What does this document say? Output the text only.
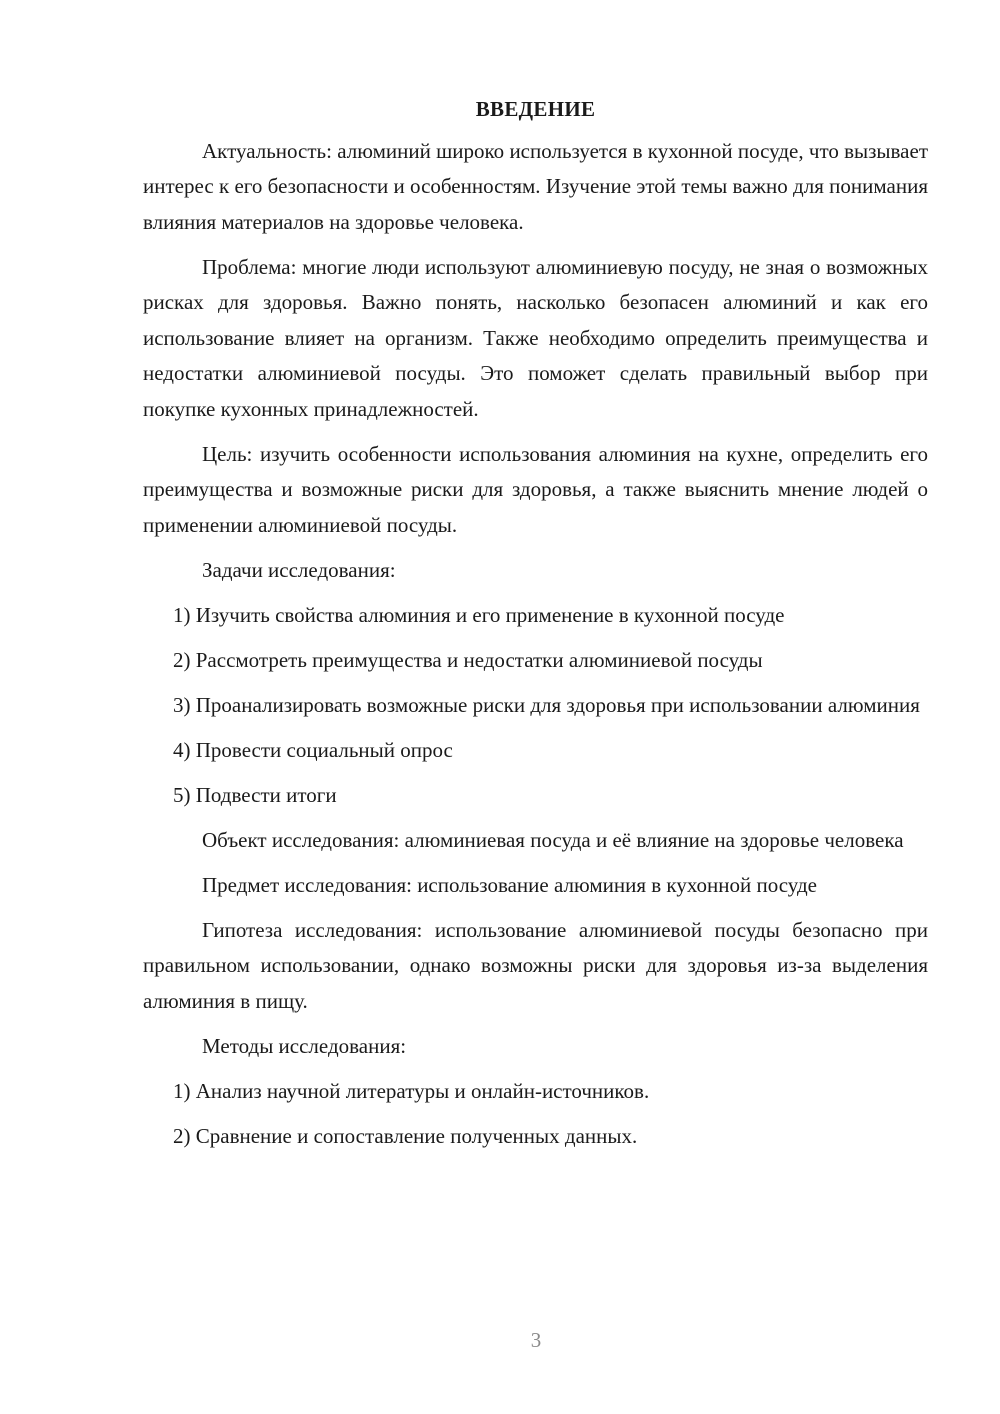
ВВЕДЕНИЕ

Актуальность: алюминий широко используется в кухонной посуде, что вызывает интерес к его безопасности и особенностям. Изучение этой темы важно для понимания влияния материалов на здоровье человека.

Проблема: многие люди используют алюминиевую посуду, не зная о возможных рисках для здоровья. Важно понять, насколько безопасен алюминий и как его использование влияет на организм. Также необходимо определить преимущества и недостатки алюминиевой посуды. Это поможет сделать правильный выбор при покупке кухонных принадлежностей.

Цель: изучить особенности использования алюминия на кухне, определить его преимущества и возможные риски для здоровья, а также выяснить мнение людей о применении алюминиевой посуды.

Задачи исследования:

1) Изучить свойства алюминия и его применение в кухонной посуде

2) Рассмотреть преимущества и недостатки алюминиевой посуды

3) Проанализировать возможные риски для здоровья при использовании алюминия

4) Провести социальный опрос

5) Подвести итоги

Объект исследования: алюминиевая посуда и её влияние на здоровье человека

Предмет исследования: использование алюминия в кухонной посуде

Гипотеза исследования: использование алюминиевой посуды безопасно при правильном использовании, однако возможны риски для здоровья из-за выделения алюминия в пищу.

Методы исследования:

1) Анализ научной литературы и онлайн-источников.

2) Сравнение и сопоставление полученных данных.

3
